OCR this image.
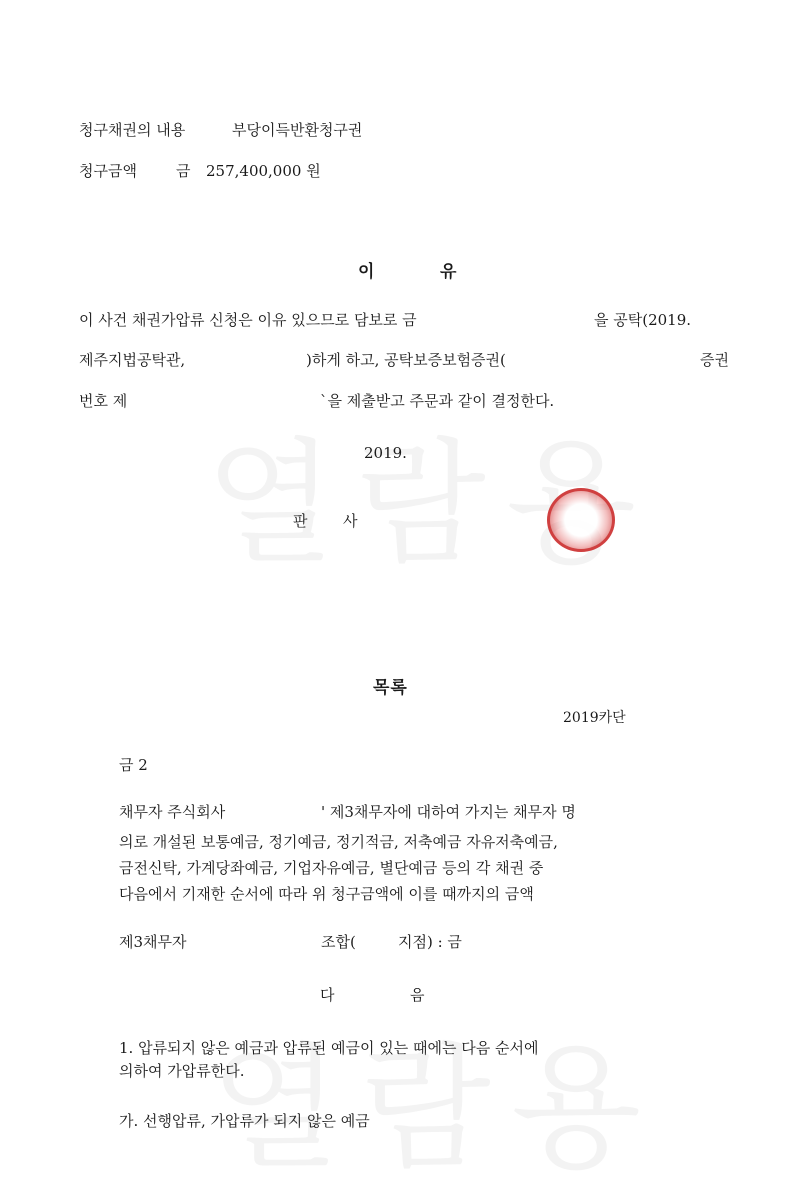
청구채권의 내용	부당이득반환청구권
청구금액	금 257,400,000 원
이	유
이 사건 채권가압류 신청은 이유 있으므로 담보로 금	을 공탁(2019.
제주지법공탁관,	)하게 하고, 공탁보증보험증권(	증권
번호 제	`을 제출받고 주문과 같이 결정한다.
2019.
판 사
목록
2019카단
금 2
채무자 주식회사	' 제3채무자에 대하여 가지는 채무자 명
의로 개설된 보통예금, 정기예금, 정기적금, 저축예금 자유저축예금,
금전신탁, 가계당좌예금, 기업자유예금, 별단예금 등의 각 채권 중
다음에서 기재한 순서에 따라 위 청구금액에 이를 때까지의 금액
제3채무자	조합(	지점) : 금
다	음
1. 압류되지 않은 예금과 압류된 예금이 있는 때에는 다음 순서에
의하여 가압류한다.
가. 선행압류, 가압류가 되지 않은 예금
